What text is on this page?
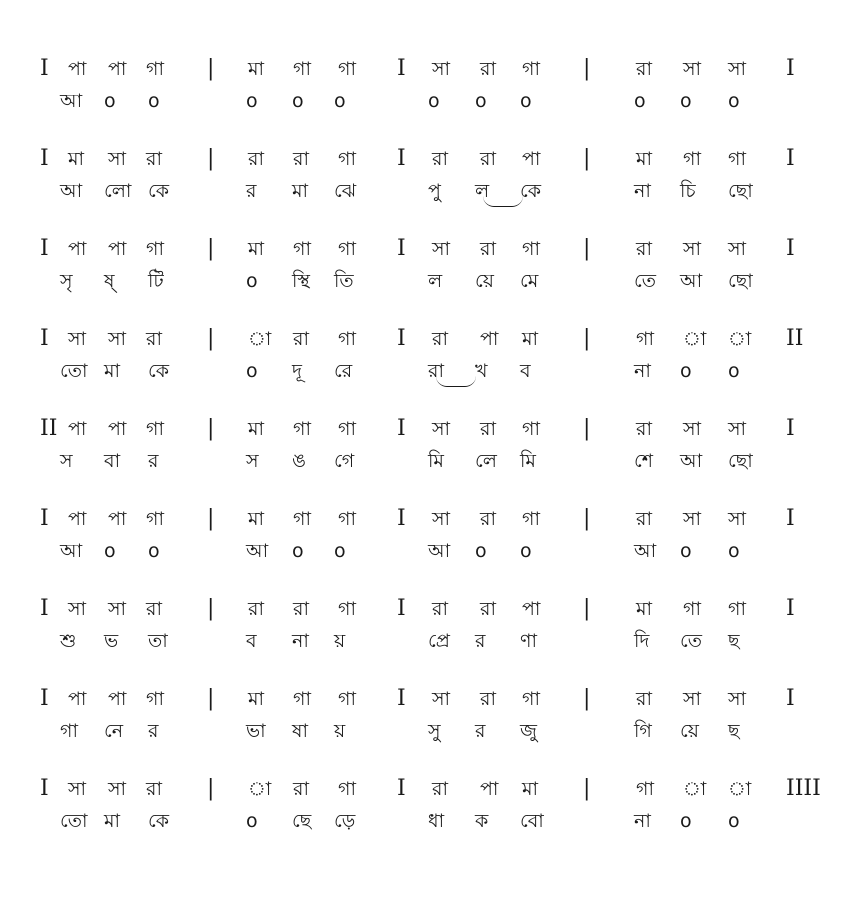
I পা পা গা | মা গা গা I সা রা গা | রা সা সা I
আ o o	o o o	o o o	o o o
I মা সা রা | রা রা গা I রা রা পা | মা গা গা I
আ লো কে	র মা ঝে	পু ল কে	না চি ছো
I পা পা গা | মা গা গা I সা রা গা | রা সা সা I
সৃ ষ্ টি	o স্থি তি	ল য়ে মে	তে আ ছো
I সা সা রা | া রা গা I রা পা মা | গা া া II
তো মা কে	o দূ রে	রা খ ব	না o o
II পা পা গা | মা গা গা I সা রা গা | রা সা সা I
স বা র	স ঙ গে	মি লে মি	শে আ ছো
I পা পা গা | মা গা গা I সা রা গা | রা সা সা I
আ o o	আ o o	আ o o	আ o o
I সা সা রা | রা রা গা I রা রা পা | মা গা গা I
শু ভ তা	ব না য়	প্রে র ণা	দি তে ছ
I পা পা গা | মা গা গা I সা রা গা | রা সা সা I
গা নে র	ভা ষা য়	সু র জু	গি য়ে ছ
I সা সা রা | া রা গা I রা পা মা | গা া া IIII
তো মা কে	o ছে ড়ে	ধা ক বো	না o o
